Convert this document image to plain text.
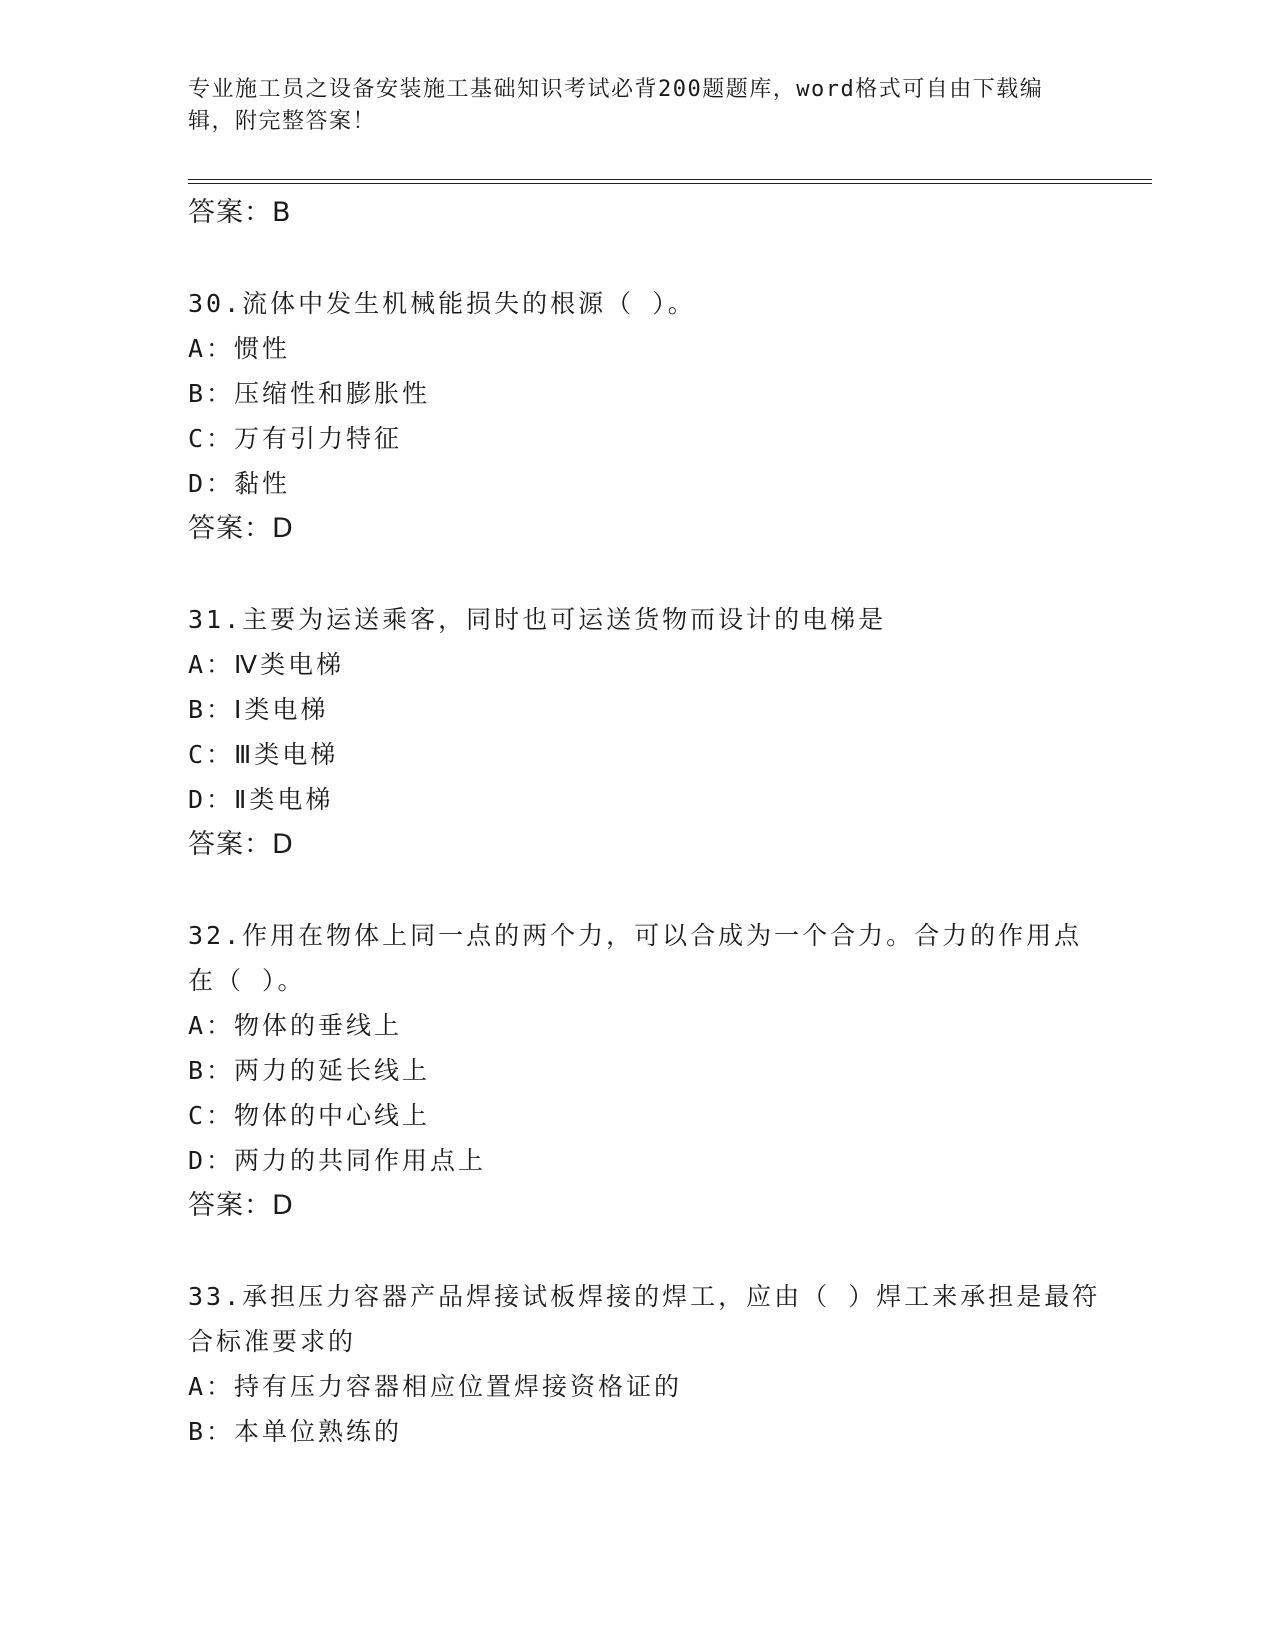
专业施工员之设备安装施工基础知识考试必背200题题库，word格式可自由下载编辑，附完整答案！
答案：B
30.流体中发生机械能损失的根源（ ）。
A：惯性
B：压缩性和膨胀性
C：万有引力特征
D：黏性
答案：D
31.主要为运送乘客，同时也可运送货物而设计的电梯是
A：Ⅳ类电梯
B：Ⅰ类电梯
C：Ⅲ类电梯
D：Ⅱ类电梯
答案：D
32.作用在物体上同一点的两个力，可以合成为一个合力。合力的作用点在（ ）。
A：物体的垂线上
B：两力的延长线上
C：物体的中心线上
D：两力的共同作用点上
答案：D
33.承担压力容器产品焊接试板焊接的焊工，应由（ ）焊工来承担是最符合标准要求的
A：持有压力容器相应位置焊接资格证的
B：本单位熟练的
